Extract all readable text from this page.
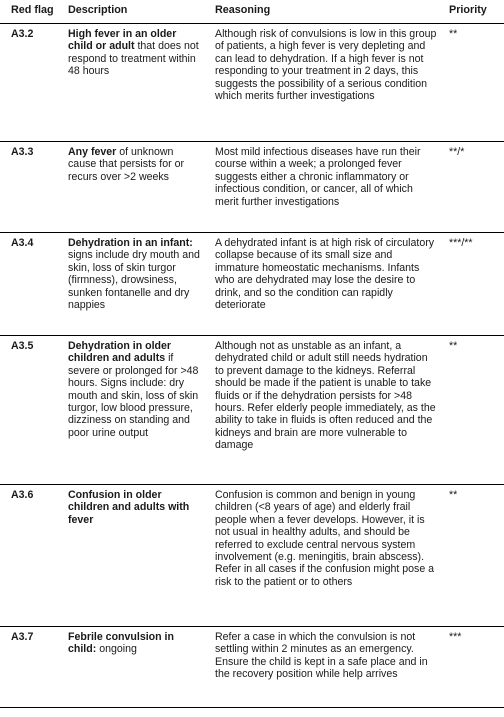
Red flag	Description	Reasoning	Priority
A3.2	High fever in an older child or adult that does not respond to treatment within 48 hours	Although risk of convulsions is low in this group of patients, a high fever is very depleting and can lead to dehydration. If a high fever is not responding to your treatment in 2 days, this suggests the possibility of a serious condition which merits further investigations	**
A3.3	Any fever of unknown cause that persists for or recurs over >2 weeks	Most mild infectious diseases have run their course within a week; a prolonged fever suggests either a chronic inflammatory or infectious condition, or cancer, all of which merit further investigations	**/*
A3.4	Dehydration in an infant: signs include dry mouth and skin, loss of skin turgor (firmness), drowsiness, sunken fontanelle and dry nappies	A dehydrated infant is at high risk of circulatory collapse because of its small size and immature homeostatic mechanisms. Infants who are dehydrated may lose the desire to drink, and so the condition can rapidly deteriorate	***/**
A3.5	Dehydration in older children and adults if severe or prolonged for >48 hours. Signs include: dry mouth and skin, loss of skin turgor, low blood pressure, dizziness on standing and poor urine output	Although not as unstable as an infant, a dehydrated child or adult still needs hydration to prevent damage to the kidneys. Referral should be made if the patient is unable to take fluids or if the dehydration persists for >48 hours. Refer elderly people immediately, as the ability to take in fluids is often reduced and the kidneys and brain are more vulnerable to damage	**
A3.6	Confusion in older children and adults with fever	Confusion is common and benign in young children (<8 years of age) and elderly frail people when a fever develops. However, it is not usual in healthy adults, and should be referred to exclude central nervous system involvement (e.g. meningitis, brain abscess). Refer in all cases if the confusion might pose a risk to the patient or to others	**
A3.7	Febrile convulsion in child: ongoing	Refer a case in which the convulsion is not settling within 2 minutes as an emergency. Ensure the child is kept in a safe place and in the recovery position while help arrives	***
